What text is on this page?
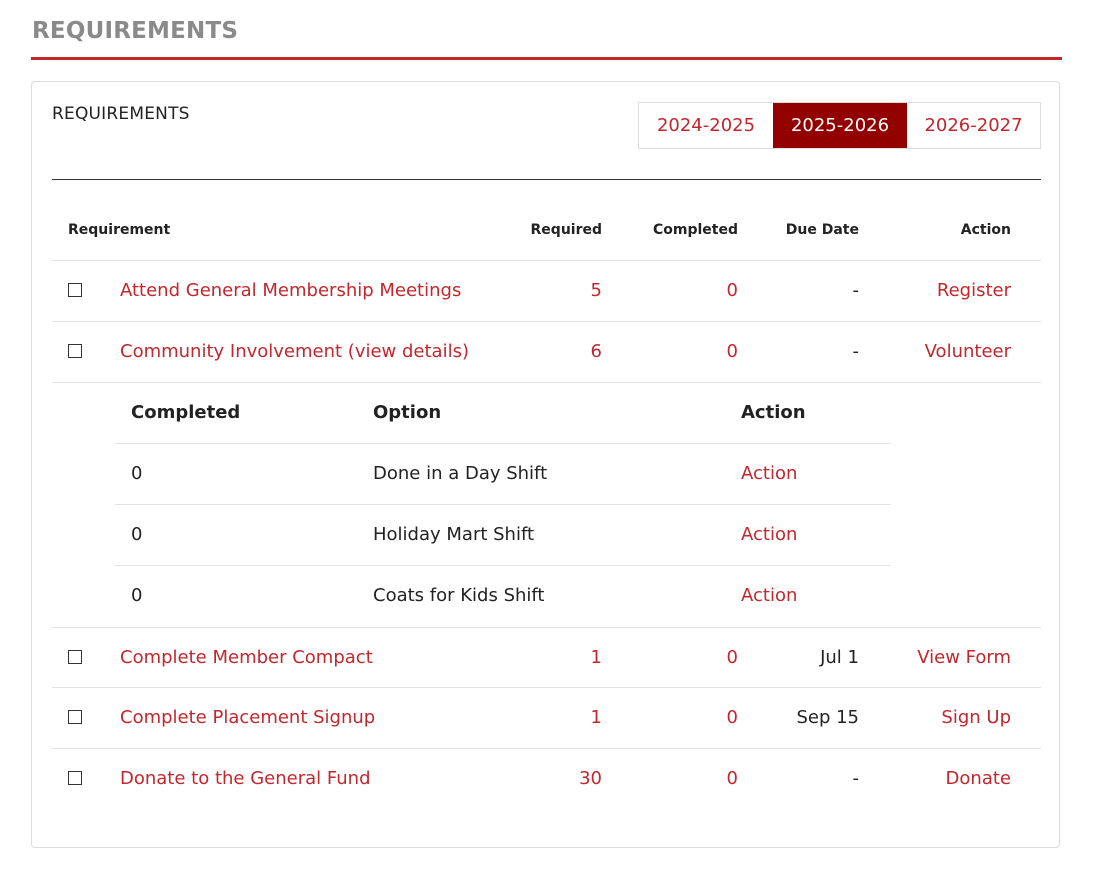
REQUIREMENTS
REQUIREMENTS
2024-2025	2025-2026	2026-2027
Requirement	Required	Completed	Due Date	Action
Attend General Membership Meetings	5	0	-	Register
Community Involvement (view details)	6	0	-	Volunteer
Completed	Option	Action
0	Done in a Day Shift	Action
0	Holiday Mart Shift	Action
0	Coats for Kids Shift	Action
Complete Member Compact	1	0	Jul 1	View Form
Complete Placement Signup	1	0	Sep 15	Sign Up
Donate to the General Fund	30	0	-	Donate
